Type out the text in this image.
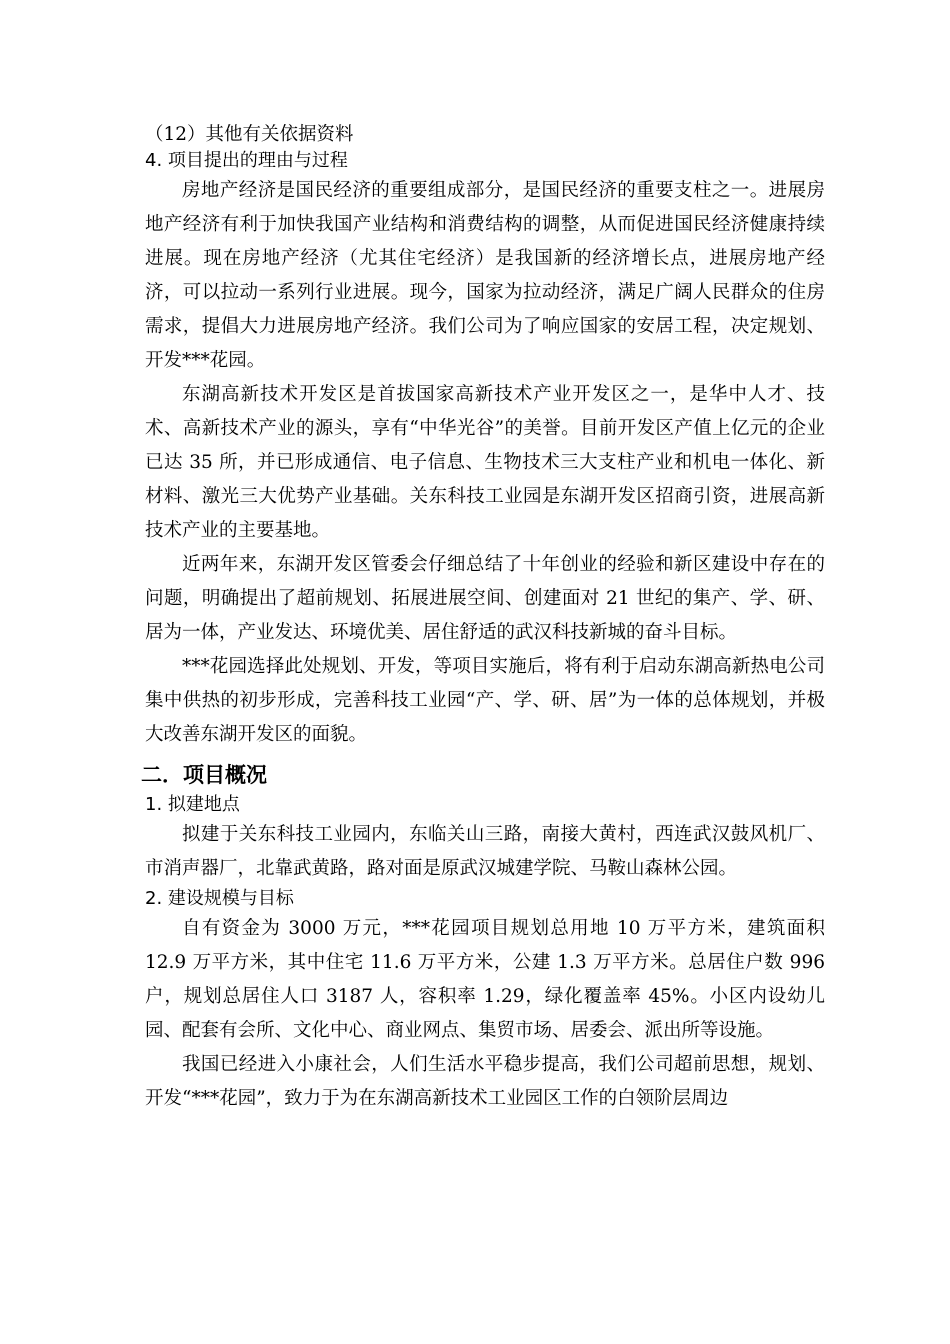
（12）其他有关依据资料
4. 项目提出的理由与过程

房地产经济是国民经济的重要组成部分，是国民经济的重要支柱之一。进展房地产经济有利于加快我国产业结构和消费结构的调整，从而促进国民经济健康持续进展。现在房地产经济（尤其住宅经济）是我国新的经济增长点，进展房地产经济，可以拉动一系列行业进展。现今，国家为拉动经济，满足广阔人民群众的住房需求，提倡大力进展房地产经济。我们公司为了响应国家的安居工程，决定规划、开发***花园。

东湖高新技术开发区是首拔国家高新技术产业开发区之一，是华中人才、技术、高新技术产业的源头，享有“中华光谷”的美誉。目前开发区产值上亿元的企业已达 35 所，并已形成通信、电子信息、生物技术三大支柱产业和机电一体化、新材料、激光三大优势产业基础。关东科技工业园是东湖开发区招商引资，进展高新技术产业的主要基地。

近两年来，东湖开发区管委会仔细总结了十年创业的经验和新区建设中存在的问题，明确提出了超前规划、拓展进展空间、创建面对 21 世纪的集产、学、研、居为一体，产业发达、环境优美、居住舒适的武汉科技新城的奋斗目标。

***花园选择此处规划、开发，等项目实施后，将有利于启动东湖高新热电公司集中供热的初步形成，完善科技工业园“产、学、研、居”为一体的总体规划，并极大改善东湖开发区的面貌。

二．项目概况
1. 拟建地点

拟建于关东科技工业园内，东临关山三路，南接大黄村，西连武汉鼓风机厂、市消声器厂，北靠武黄路，路对面是原武汉城建学院、马鞍山森林公园。

2. 建设规模与目标

自有资金为 3000 万元，***花园项目规划总用地 10 万平方米，建筑面积 12.9 万平方米，其中住宅 11.6 万平方米，公建 1.3 万平方米。总居住户数 996 户，规划总居住人口 3187 人，容积率 1.29，绿化覆盖率 45%。小区内设幼儿园、配套有会所、文化中心、商业网点、集贸市场、居委会、派出所等设施。

我国已经进入小康社会，人们生活水平稳步提高，我们公司超前思想，规划、开发“***花园”，致力于为在东湖高新技术工业园区工作的白领阶层周边
